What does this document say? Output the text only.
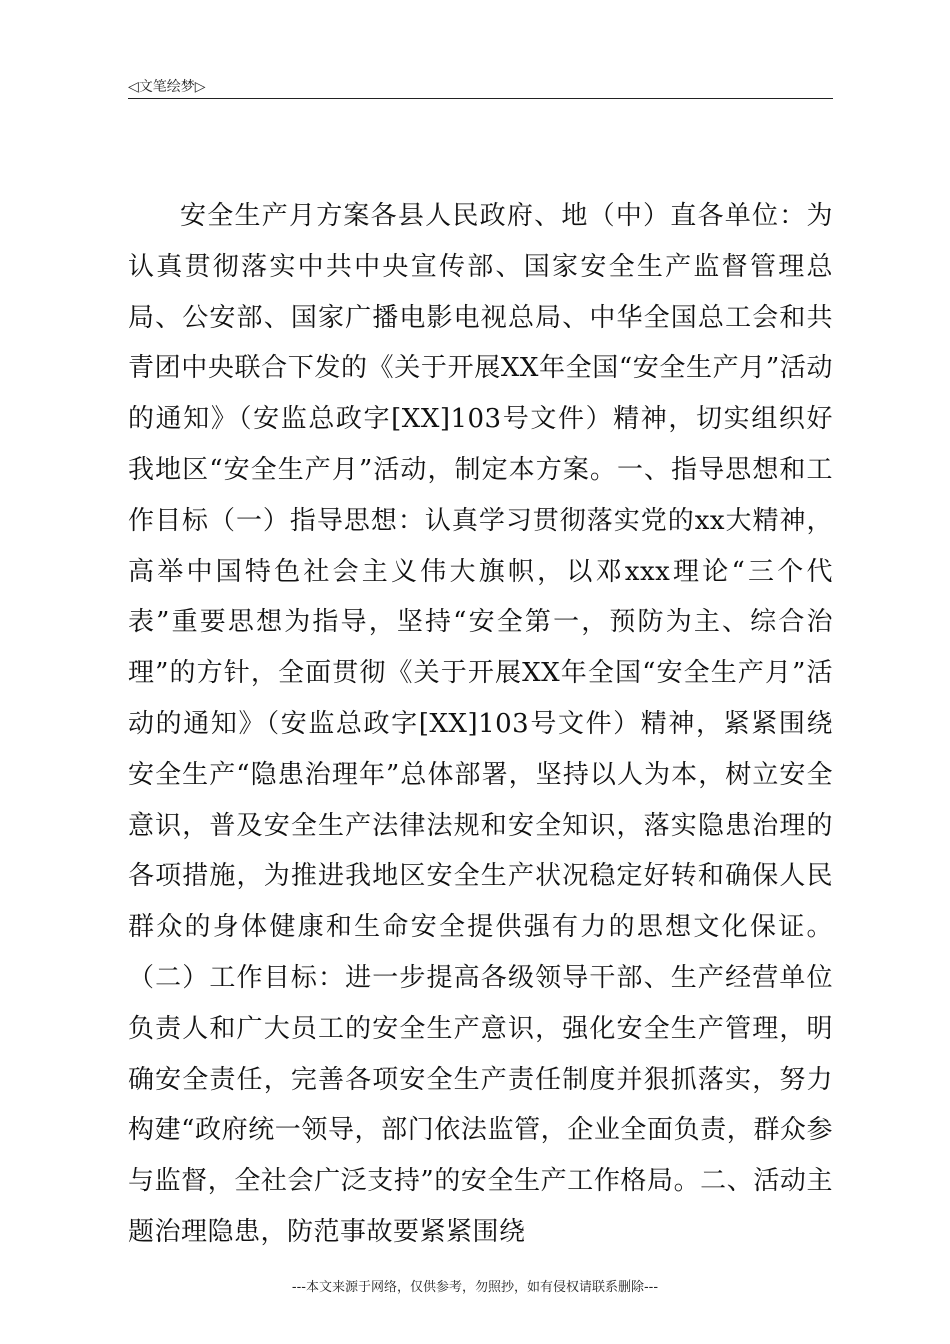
◁文笔绘梦▷

安全生产月方案各县人民政府、地（中）直各单位：为认真贯彻落实中共中央宣传部、国家安全生产监督管理总局、公安部、国家广播电影电视总局、中华全国总工会和共青团中央联合下发的《关于开展XX年全国“安全生产月”活动的通知》（安监总政字[XX]103号文件）精神，切实组织好我地区“安全生产月”活动，制定本方案。一、指导思想和工作目标（一）指导思想：认真学习贯彻落实党的xx大精神，高举中国特色社会主义伟大旗帜，以邓xxx理论“三个代表”重要思想为指导，坚持“安全第一，预防为主、综合治理”的方针，全面贯彻《关于开展XX年全国“安全生产月”活动的通知》（安监总政字[XX]103号文件）精神，紧紧围绕安全生产“隐患治理年”总体部署，坚持以人为本，树立安全意识，普及安全生产法律法规和安全知识，落实隐患治理的各项措施，为推进我地区安全生产状况稳定好转和确保人民群众的身体健康和生命安全提供强有力的思想文化保证。（二）工作目标：进一步提高各级领导干部、生产经营单位负责人和广大员工的安全生产意识，强化安全生产管理，明确安全责任，完善各项安全生产责任制度并狠抓落实，努力构建“政府统一领导，部门依法监管，企业全面负责，群众参与监督，全社会广泛支持”的安全生产工作格局。二、活动主题治理隐患，防范事故要紧紧围绕

---本文来源于网络，仅供参考，勿照抄，如有侵权请联系删除---
